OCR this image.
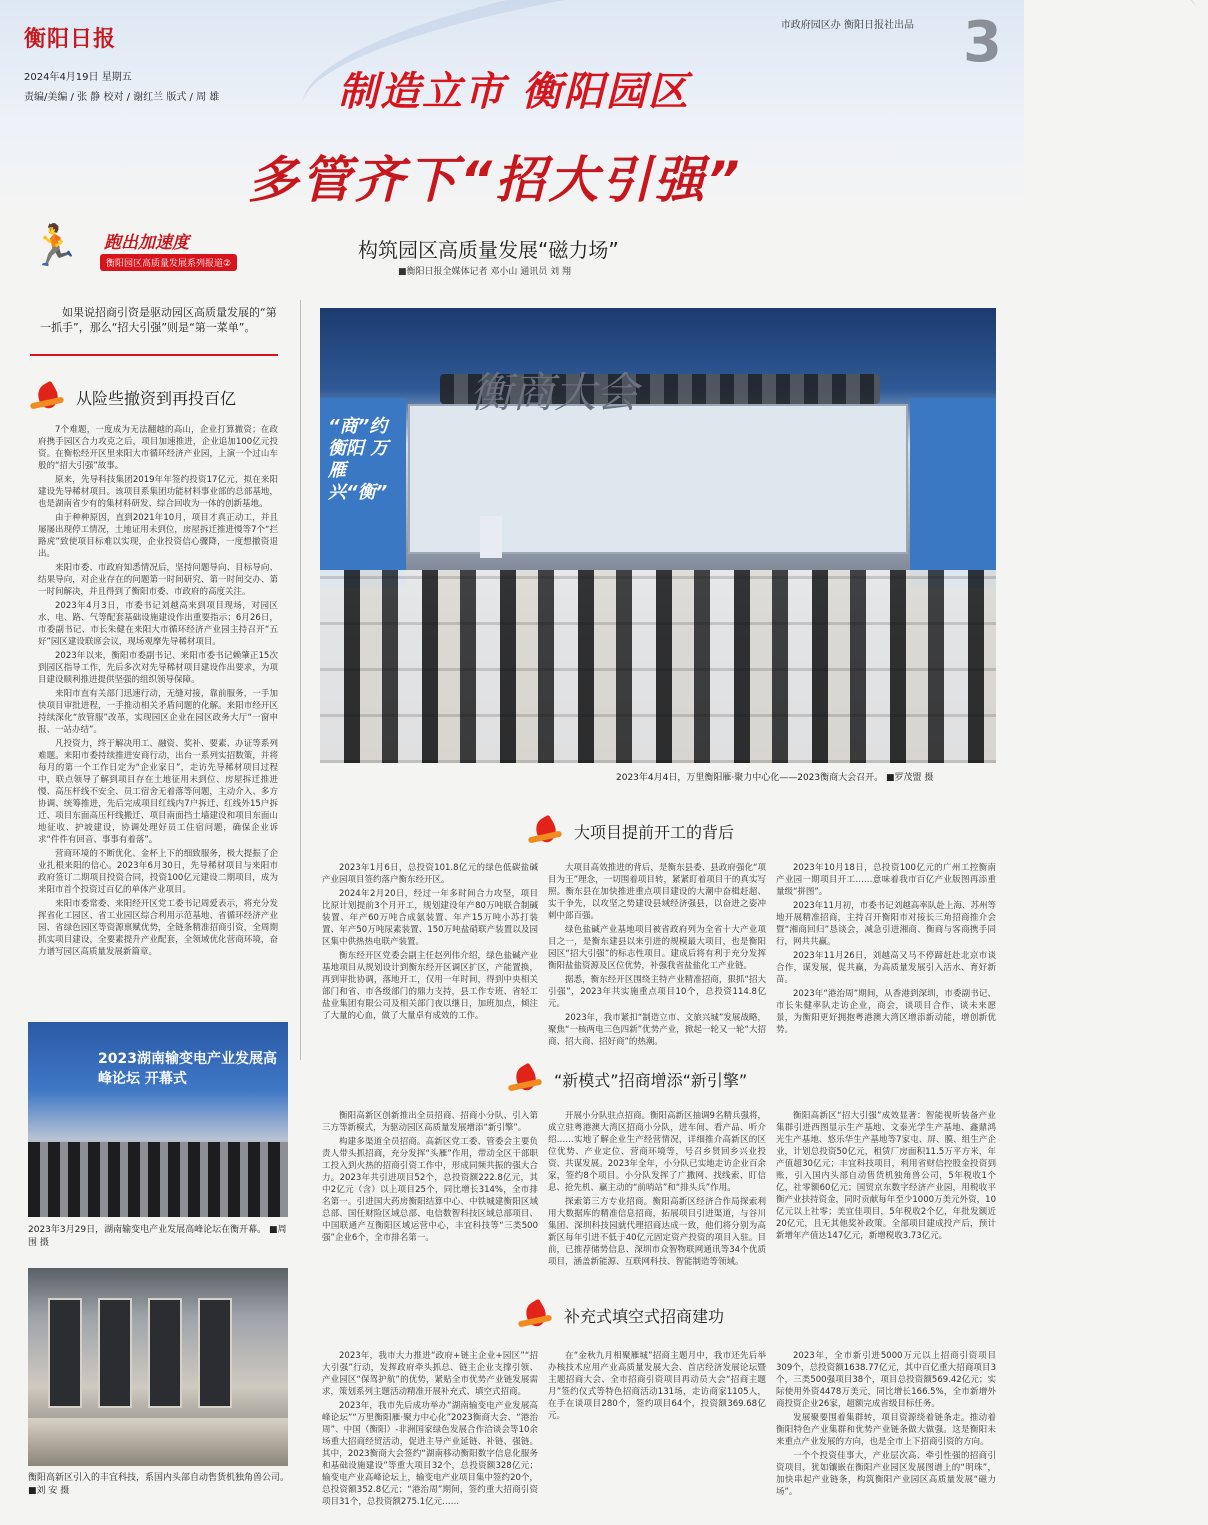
衡阳日报
2024年4月19日 星期五
责编/美编 / 张 静 校对 / 谢红兰 版式 / 周 雄
市政府园区办 衡阳日报社出品 3
制造立市 衡阳园区
多管齐下“招大引强”
🏃 跑出加速度
衡阳园区高质量发展系列报道②
构筑园区高质量发展“磁力场”
■衡阳日报全媒体记者 邓小山 通讯员 刘 翔
如果说招商引资是驱动园区高质量发展的“第一抓手”，那么“招大引强”则是“第一菜单”。
从险些撤资到再投百亿

7个难题，一度成为无法翻越的高山，企业打算撤资；在政府携手园区合力攻克之后，项目加速推进，企业追加100亿元投资。在衡松经开区里来阳大市循环经济产业园，上演一个过山车般的“招大引强”故事。

原来，先导科技集团2019年年签约投资17亿元，拟在来阳建设先导稀材项目。该项目系集团功能材料事业部的总部基地，也是湖南省少有的集材料研发、综合回收为一体的创新基地。

由于种种原因，直到2021年10月，项目才真正动工，并且屡屡出现停工情况，土地证用未到位，房屋拆迁推进慢等7个“拦路虎”致使项目标难以实现，企业投资信心骤降，一度想撤资退出。

来阳市委、市政府知悉情况后，坚持问题导向、目标导向、结果导向，对企业存在的问题第一时间研究、第一时间交办、第一时间解决，并且得到了衡阳市委、市政府的高度关注。

2023年4月3日，市委书记刘越高来到项目现场，对园区水、电、路、气等配套基础设施建设作出重要指示；6月26日，市委副书记、市长朱健在来阳大市循环经济产业园主持召开“五好”园区建设联席会议，现场观摩先导稀材项目。

2023年以来，衡阳市委副书记、来阳市委书记赖肇正15次到园区指导工作，先后多次对先导稀材项目建设作出要求，为项目建设顺利推进提供坚强的组织领导保障。

来阳市直有关部门迅速行动，无缝对接，靠前服务，一手加快项目审批进程，一手推动相关矛盾问题的化解。来阳市经开区持续深化“放管服”改革，实现园区企业在园区政务大厅“一窗申报、一站办结”。

凡投资力，终于解决用工、融资、奖补、要素、办证等系列难题。来阳市委持续推进安商行动，出台一系列实招数策，并将每月的第一个工作日定为“企业家日”，走访先导稀材项目过程中，联点领导了解到项目存在土地征用未到位、房屋拆迁推进慢、高压杆线不安全、员工宿舍无着落等问题，主动介入、多方协调、统筹推进，先后完成项目红线内7户拆迁、红线外15户拆迁、项目东面高压杆线搬迁、项目南面挡土墙建设和项目东面山地征收、护坡建设，协调处理好员工住宿问题，确保企业诉求“件件有回音、事事有着落”。

营商环境的不断优化、金杯上下的细致服务，极大提振了企业扎根来阳的信心。2023年6月30日，先导稀材项目与来阳市政府签订二期项目投资合同，投资100亿元建设二期项目，成为来阳市首个投资过百亿的单体产业项目。

来阳市委常委、来阳经开区党工委书记周爱表示，将充分发挥省化工园区、省工业园区综合利用示范基地、省循环经济产业园、省绿色园区等资源禀赋优势，全链条精准招商引资，全周期抓实项目建设，全要素提升产业配套，全领域优化营商环境，奋力谱写园区高质量发展新篇章。

“商”约衡阳 万雁兴“衡”
衡商大会
2023年4月4日，万里衡阳雁·聚力中心化——2023衡商大会召开。 ■罗茂盟 摄
大项目提前开工的背后

2023年1月6日，总投资101.8亿元的绿色低碳盐碱产业园项目签约落户衡东经开区。

2024年2月20日，经过一年多时间合力攻坚，项目比原计划提前3个月开工，规划建设年产80万吨联合制碱装置、年产60万吨合成氨装置、年产15万吨小苏打装置、年产50万吨尿素装置、150万吨盐硝联产装置以及园区集中供热热电联产装置。

衡东经开区党委会副主任赵列伟介绍，绿色盐碱产业基地项目从规划设计到衡东经开区调区扩区，产能置换，再到审批协调，落地开工，仅用一年时间，得到中央相关部门和省、市各级部门的鼎力支持，县工作专班、省轻工盐业集团有限公司及相关部门夜以继日，加班加点，倾注了大量的心血，做了大量卓有成效的工作。

大项目高效推进的背后，是衡东县委、县政府强化“项目为王”理念，一切围着项目转，紧紧盯着项目干的真实写照。衡东县在加快推进重点项目建设的大潮中奋楫赶超、实干争先，以攻坚之势建设县域经济强县，以奋进之姿冲刺中部百强。

绿色盐碱产业基地项目被省政府列为全省十大产业项目之一，是衡东建县以来引进的规模最大项目，也是衡阳园区“招大引强”的标志性项目。建成后将有利于充分发挥衡阳盐盐资源及区位优势，补强我省盐盐化工产业链。

据悉，衡东经开区围绕主特产业精准招商，狠抓“招大引强”，2023年共实施重点项目10个，总投资114.8亿元。

2023年，我市紧扣“制造立市、文旅兴城”发展战略，聚焦“一核两电三色四新”优势产业，掀起一轮又一轮“大招商、招大商、招好商”的热潮。

2023年10月18日，总投资100亿元的广州工控衡南产业园一期项目开工……意味着我市百亿产业版图再添重量级“拼图”。

2023年11月初，市委书记刘越高率队赴上海、苏州等地开展精准招商，主持召开衡阳市对接长三角招商推介会暨“湘商回归”恳谈会，减急引进湘商、衡商与客商携手同行，网共共赢。

2023年11月26日，刘越高又马不停蹄赶赴北京市谈合作，谋发展，促共赢，为高质量发展引入活水、育好新苗。

2023年“港治周”期间，从香港到深圳，市委副书记、市长朱健率队走访企业，商会，谈项目合作、谈未来愿景，为衡阳更好拥抱粤港澳大湾区增添新动能，增创新优势。

“新模式”招商增添“新引擎”

衡阳高新区创新推出全员招商、招商小分队、引入第三方等新模式，为驱动园区高质量发展增添“新引擎”。

构建多渠道全员招商。高新区党工委、管委会主要负责人带头抓招商，充分发挥“头雁”作用，带动全区干部职工投入到火热的招商引资工作中，形成同频共振的强大合力。2023年共引进项目52个，总投资额222.8亿元，其中2亿元（含）以上项目25个，同比增长314%，全市排名第一。引进国大药房衡阳结算中心、中铁城建衡阳区域总部、国任财险区域总部、电信数智科技区域总部项目、中国联通产互衡阳区域运营中心，丰宜科技等“三类500强”企业6个，全市排名第一。

开展小分队驻点招商。衡阳高新区抽调9名精兵强将，成立驻粤港澳大湾区招商小分队，进车间、看产品、听介绍……实地了解企业生产经营情况，详细推介高新区的区位优势、产业定位、营商环境等，号召乡贤回乡兴业投资、共谋发展。2023年全年，小分队已实地走访企业百余家，签约8个项目。小分队发挥了广撒网、找线索、盯信息、抢先机、赢主动的“前哨站”和“排头兵”作用。

探索第三方专业招商。衡阳高新区经济合作局探索利用大数据库的精准信息招商，拓展项目引进渠道，与谷川集团、深圳科技园就代理招商达成一致，他们将分别为高新区每年引进不低于40亿元固定资产投资的项目入驻。目前，已推荐储势信息、深圳市众智物联网通讯等34个优质项目，涵盖新能源、互联网科技、智能制造等领域。

衡阳高新区“招大引强”成效显著：智能视听装备产业集群引进西图显示生产基地、文泰光学生产基地、鑫鼎鸿光生产基地、悠乐华生产基地等7家屯、屏、膜、组生产企业，计划总投资50亿元，租赁厂房面积11.5万平方米，年产值超30亿元；丰宜科技项目，利用省财信控股金投资到账，引入国内头部自动售货机独角兽公司，5年税收1个亿，社零额60亿元；国贸京东数字经济产业园，用税收平衡产业扶持资金，同时贡献每年至少1000万美元外资，10亿元以上社零；美宜佳项目，5年税收2个亿，年批发额近20亿元，且无其他奖补政策。全部项目建成投产后，预计新增年产值达147亿元，新增税收3.73亿元。

补充式填空式招商建功

2023年，我市大力推进“政府+链主企业+园区”“招大引强”行动，发挥政府牵头抓总、链主企业支撑引领、产业园区“保驾护航”的优势，紧贴全市优势产业链发展需求，策划系列主题活动精准开展补充式、填空式招商。

2023年，我市先后成功举办“湖南输变电产业发展高峰论坛”“万里衡阳雁·聚力中心化”2023衡商大会、“港治周”、中国（衡阳）-非洲国家绿色发展合作洽谈会等10余场重大招商经贸活动，促进主导产业延链、补链、强链。其中，2023衡商大会签约“湖南移动衡阳数字信息化服务和基础设施建设”等重大项目32个，总投资额328亿元；输变电产业高峰论坛上，输变电产业项目集中签约20个，总投资额352.8亿元；“港治周”期间，签约重大招商引资项目31个，总投资额275.1亿元……

在“金秋九月相聚雁城”招商主题月中，我市还先后举办核技术应用产业高质量发展大会、首店经济发展论坛暨主题招商大会、全市招商引资项目再动员大会“招商主题月”签约仪式等特色招商活动131场，走访商家1105人，在手在谈项目280个，签约项目64个，投资额369.68亿元。

2023年，全市新引进5000万元以上招商引资项目309个，总投资额1638.77亿元，其中百亿重大招商项目3个，三类500强项目38个，项目总投资额569.42亿元；实际使用外资4478万美元，同比增长166.5%，全市新增外商投资企业26家，超额完成省级目标任务。

发展聚要围着集群转，项目资源绕着链条走。推动着衡阳特色产业集群和优势产业链条做大做强。这是衡阳未来重点产业发展的方向，也是全市上下招商引资的方向。

一个个投资佳事大，产业层次高、牵引性强的招商引资项目，犹如镶嵌在衡阳产业园区发展图谱上的“明珠”，加快串起产业链条，构筑衡阳产业园区高质量发展“磁力场”。

2023湖南输变电产业发展高峰论坛 开幕式
2023年3月29日，湖南输变电产业发展高峰论坛在衡开幕。 ■周 围 摄
衡阳高新区引入的丰宜科技，系国内头部自动售货机独角兽公司。 ■刘 安 摄
